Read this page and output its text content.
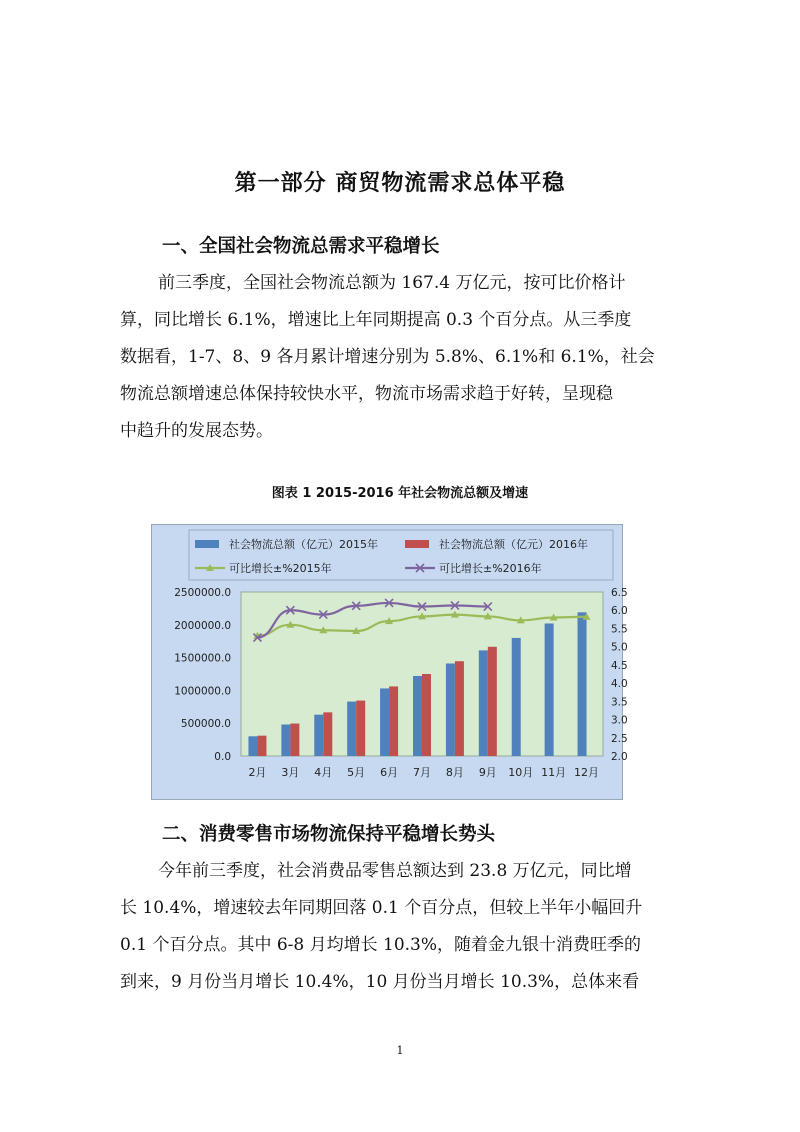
第一部分 商贸物流需求总体平稳
一、全国社会物流总需求平稳增长
前三季度，全国社会物流总额为 167.4 万亿元，按可比价格计
算，同比增长 6.1%，增速比上年同期提高 0.3 个百分点。从三季度
数据看，1-7、8、9 各月累计增速分别为 5.8%、6.1%和 6.1%，社会
物流总额增速总体保持较快水平，物流市场需求趋于好转，呈现稳
中趋升的发展态势。
图表 1 2015-2016 年社会物流总额及增速
0.0
500000.0
1000000.0
1500000.0
2000000.0
2500000.0
2.0
2.5
3.0
3.5
4.0
4.5
5.0
5.5
6.0
6.5
2月 3月 4月 5月 6月 7月 8月 9月 10月 11月 12月
社会物流总额（亿元）2015年	社会物流总额（亿元）2016年
可比增长±%2015年	可比增长±%2016年
二、消费零售市场物流保持平稳增长势头
今年前三季度，社会消费品零售总额达到 23.8 万亿元，同比增
长 10.4%，增速较去年同期回落 0.1 个百分点，但较上半年小幅回升
0.1 个百分点。其中 6-8 月均增长 10.3%，随着金九银十消费旺季的
到来，9 月份当月增长 10.4%，10 月份当月增长 10.3%，总体来看
1
